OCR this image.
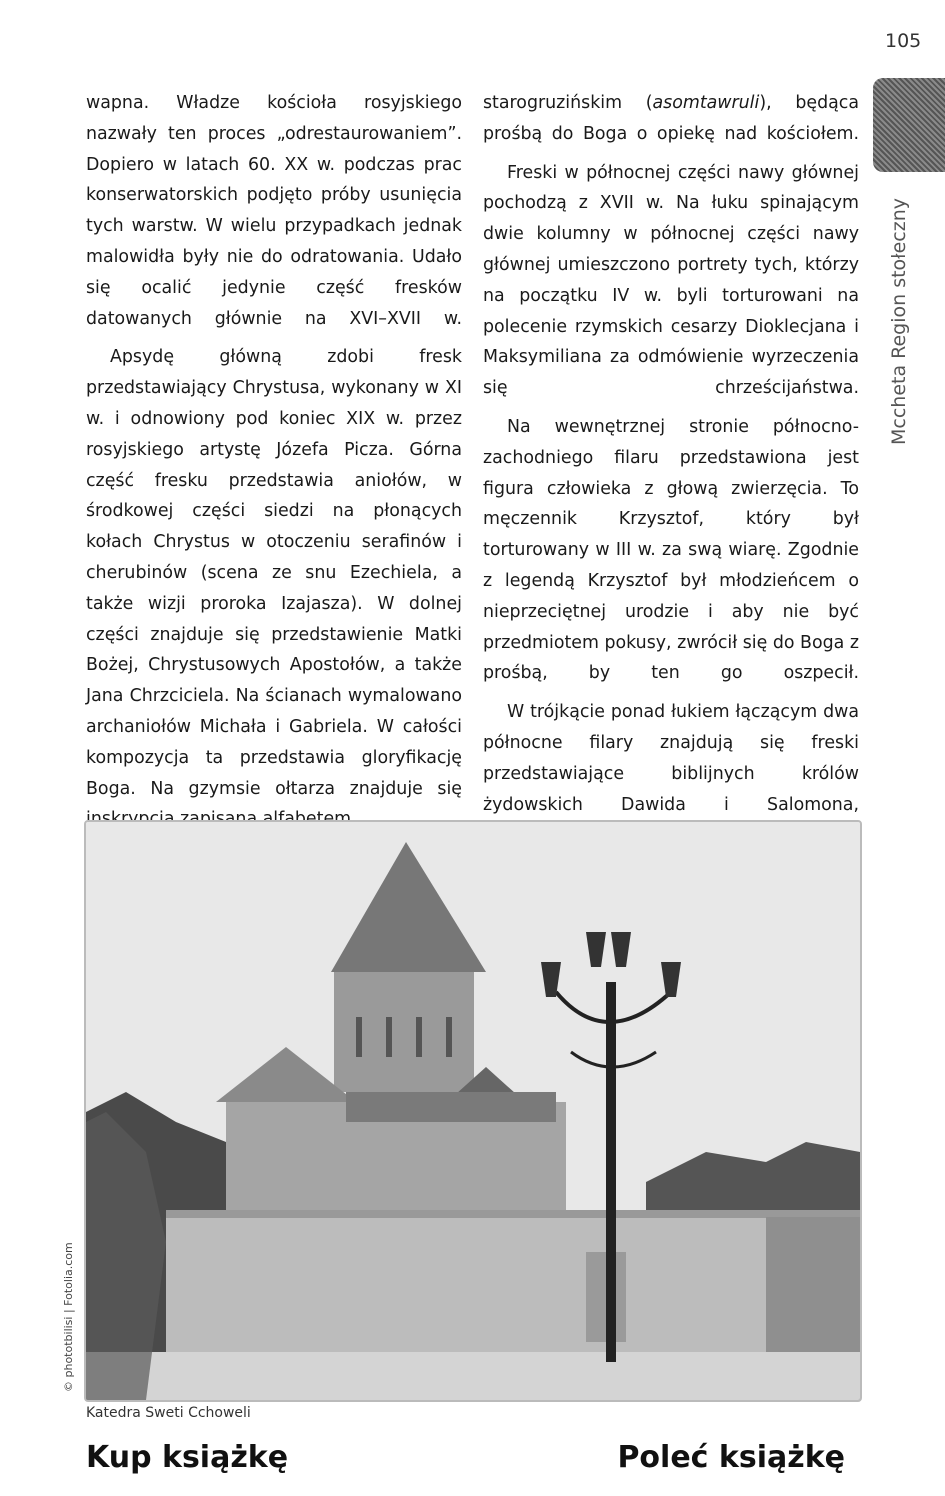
105
McchetaRegion stołeczny

wapna. Władze kościoła rosyjskiego nazwały ten proces „odrestaurowaniem”. Dopiero w latach 60. XX w. podczas prac konserwatorskich podjęto próby usunięcia tych warstw. W wielu przypadkach jednak malowidła były nie do odratowania. Udało się ocalić jedynie część fresków datowanych głównie na XVI–XVII w.

Apsydę główną zdobi fresk przedstawiający Chrystusa, wykonany w XI w. i odnowiony pod koniec XIX w. przez rosyjskiego artystę Józefa Picza. Górna część fresku przedstawia aniołów, w środkowej części siedzi na płonących kołach Chrystus w otoczeniu serafinów i cherubinów (scena ze snu Ezechiela, a także wizji proroka Izajasza). W dolnej części znajduje się przedstawienie Matki Bożej, Chrystusowych Apostołów, a także Jana Chrzciciela. Na ścianach wymalowano archaniołów Michała i Gabriela. W całości kompozycja ta przedstawia gloryfikację Boga. Na gzymsie ołtarza znajduje się

starogruzińskim (asomtawruli), będąca prośbą do Boga o opiekę nad kościołem.

Freski w północnej części nawy głównej pochodzą z XVII w. Na łuku spinającym dwie kolumny w północnej części nawy głównej umieszczono portrety tych, którzy na początku IV w. byli torturowani na polecenie rzymskich cesarzy Dioklecjana i Maksymiliana za odmówienie wyrzeczenia się chrześcijaństwa.

Na wewnętrznej stronie północno-zachodniego filaru przedstawiona jest figura człowieka z głową zwierzęcia. To męczennik Krzysztof, który był torturowany w III w. za swą wiarę. Zgodnie z legendą Krzysztof był młodzieńcem o nieprzeciętnej urodzie i aby nie być przedmiotem pokusy, zwrócił się do Boga z prośbą, by ten go oszpecił.

W trójkącie ponad łukiem łączącym dwa północne filary znajdują się freski przedstawiające biblijnych królów żydowskich Dawida i Salomona,

© phototbilisi | Fotolia.com
Katedra Sweti Cchoweli
Kup książkę	Poleć książkę
